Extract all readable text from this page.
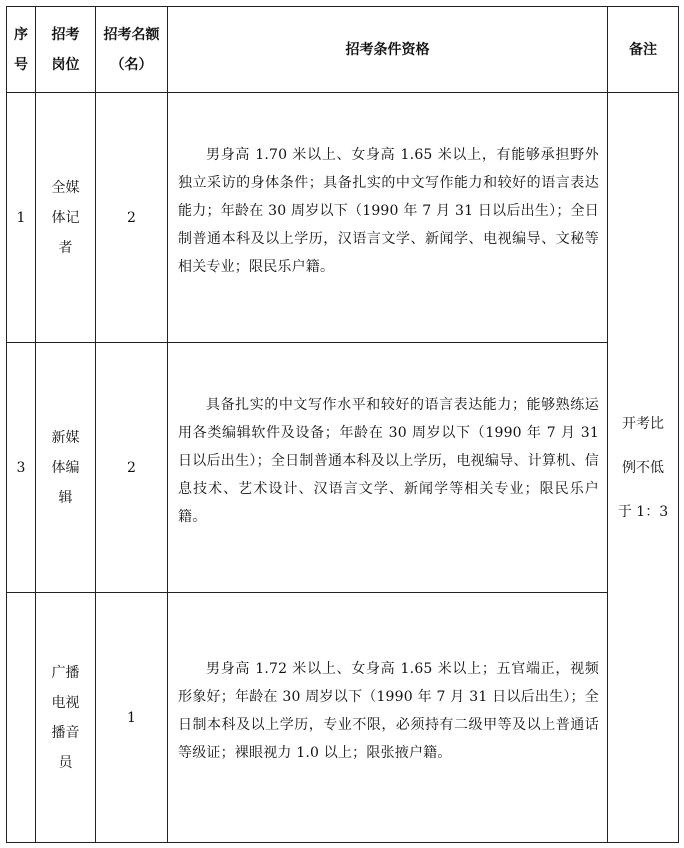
序号	招考岗位	招考名额（名）	招考条件资格	备注
1	全媒体记者	2	男身高 1.70 米以上、女身高 1.65 米以上，有能够承担野外独立采访的身体条件；具备扎实的中文写作能力和较好的语言表达能力；年龄在 30 周岁以下（1990 年 7 月 31 日以后出生）；全日制普通本科及以上学历，汉语言文学、新闻学、电视编导、文秘等相关专业；限民乐户籍。	开考比例不低于 1：3
3	新媒体编辑	2	具备扎实的中文写作水平和较好的语言表达能力；能够熟练运用各类编辑软件及设备；年龄在 30 周岁以下（1990 年 7 月 31 日以后出生）；全日制普通本科及以上学历，电视编导、计算机、信息技术、艺术设计、汉语言文学、新闻学等相关专业；限民乐户籍。	

	广播电视播音员	1	男身高 1.72 米以上、女身高 1.65 米以上；五官端正，视频形象好；年龄在 30 周岁以下（1990 年 7 月 31 日以后出生）；全日制本科及以上学历，专业不限，必须持有二级甲等及以上普通话等级证；裸眼视力 1.0 以上；限张掖户籍。	
